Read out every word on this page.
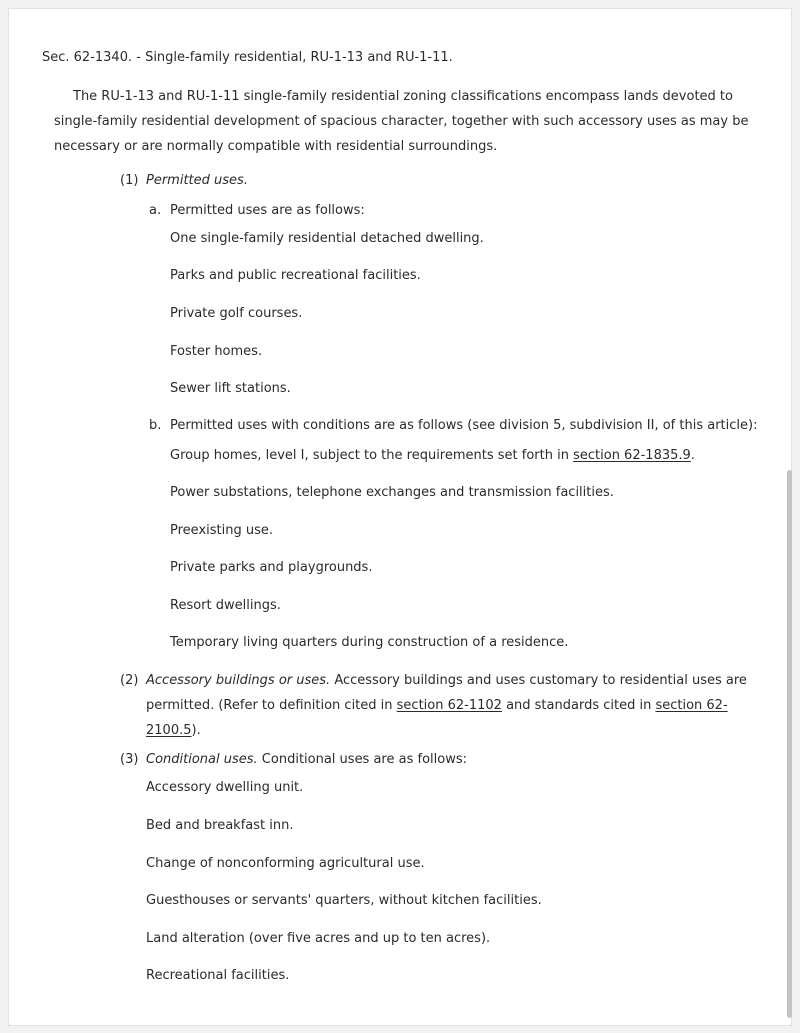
Sec. 62-1340. - Single-family residential, RU-1-13 and RU-1-11.
The RU-1-13 and RU-1-11 single-family residential zoning classifications encompass lands devoted to
single-family residential development of spacious character, together with such accessory uses as may be
necessary or are normally compatible with residential surroundings.
(1) Permitted uses.
a. Permitted uses are as follows:
One single-family residential detached dwelling.
Parks and public recreational facilities.
Private golf courses.
Foster homes.
Sewer lift stations.
b. Permitted uses with conditions are as follows (see division 5, subdivision II, of this article):
Group homes, level I, subject to the requirements set forth in section 62-1835.9.
Power substations, telephone exchanges and transmission facilities.
Preexisting use.
Private parks and playgrounds.
Resort dwellings.
Temporary living quarters during construction of a residence.
(2) Accessory buildings or uses. Accessory buildings and uses customary to residential uses are
permitted. (Refer to definition cited in section 62-1102 and standards cited in section 62-
2100.5).
(3) Conditional uses. Conditional uses are as follows:
Accessory dwelling unit.
Bed and breakfast inn.
Change of nonconforming agricultural use.
Guesthouses or servants' quarters, without kitchen facilities.
Land alteration (over five acres and up to ten acres).
Recreational facilities.
